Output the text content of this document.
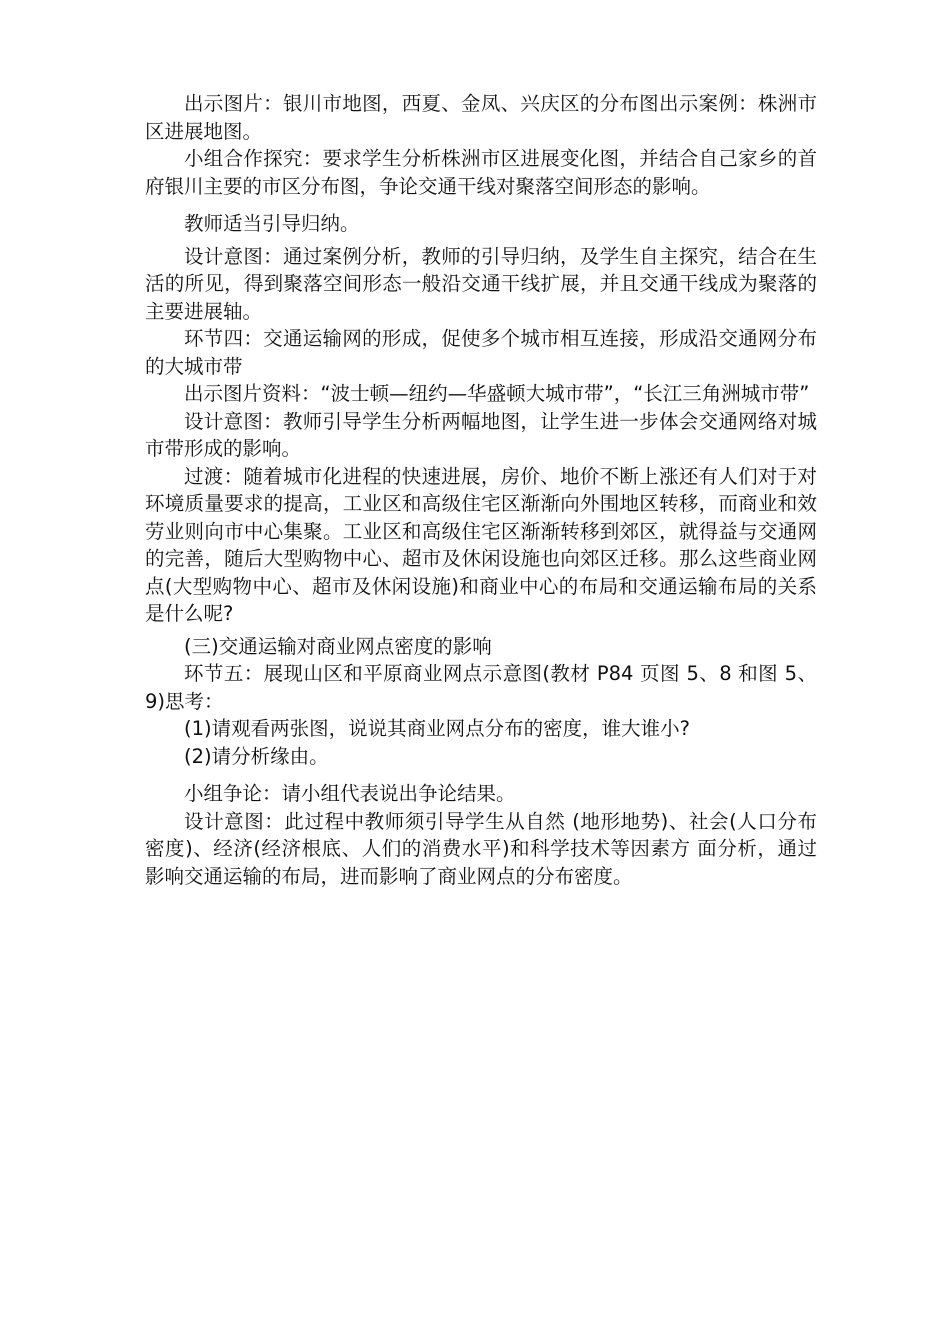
出示图片：银川市地图，西夏、金凤、兴庆区的分布图出示案例：株洲市区进展地图。

小组合作探究：要求学生分析株洲市区进展变化图，并结合自己家乡的首府银川主要的市区分布图，争论交通干线对聚落空间形态的影响。

教师适当引导归纳。

设计意图：通过案例分析，教师的引导归纳，及学生自主探究，结合在生活的所见，得到聚落空间形态一般沿交通干线扩展，并且交通干线成为聚落的主要进展轴。

环节四：交通运输网的形成，促使多个城市相互连接，形成沿交通网分布的大城市带

出示图片资料：“波士顿—纽约—华盛顿大城市带”，“长江三角洲城市带”

设计意图：教师引导学生分析两幅地图，让学生进一步体会交通网络对城市带形成的影响。

过渡：随着城市化进程的快速进展，房价、地价不断上涨还有人们对于对环境质量要求的提高，工业区和高级住宅区渐渐向外围地区转移，而商业和效劳业则向市中心集聚。工业区和高级住宅区渐渐转移到郊区，就得益与交通网的完善，随后大型购物中心、超市及休闲设施也向郊区迁移。那么这些商业网点(大型购物中心、超市及休闲设施)和商业中心的布局和交通运输布局的关系是什么呢?

(三)交通运输对商业网点密度的影响

环节五：展现山区和平原商业网点示意图(教材 P84 页图 5、8 和图 5、9)思考：

(1)请观看两张图，说说其商业网点分布的密度，谁大谁小?

(2)请分析缘由。

小组争论：请小组代表说出争论结果。

设计意图：此过程中教师须引导学生从自然 (地形地势)、社会(人口分布密度)、经济(经济根底、人们的消费水平)和科学技术等因素方 面分析，通过影响交通运输的布局，进而影响了商业网点的分布密度。
